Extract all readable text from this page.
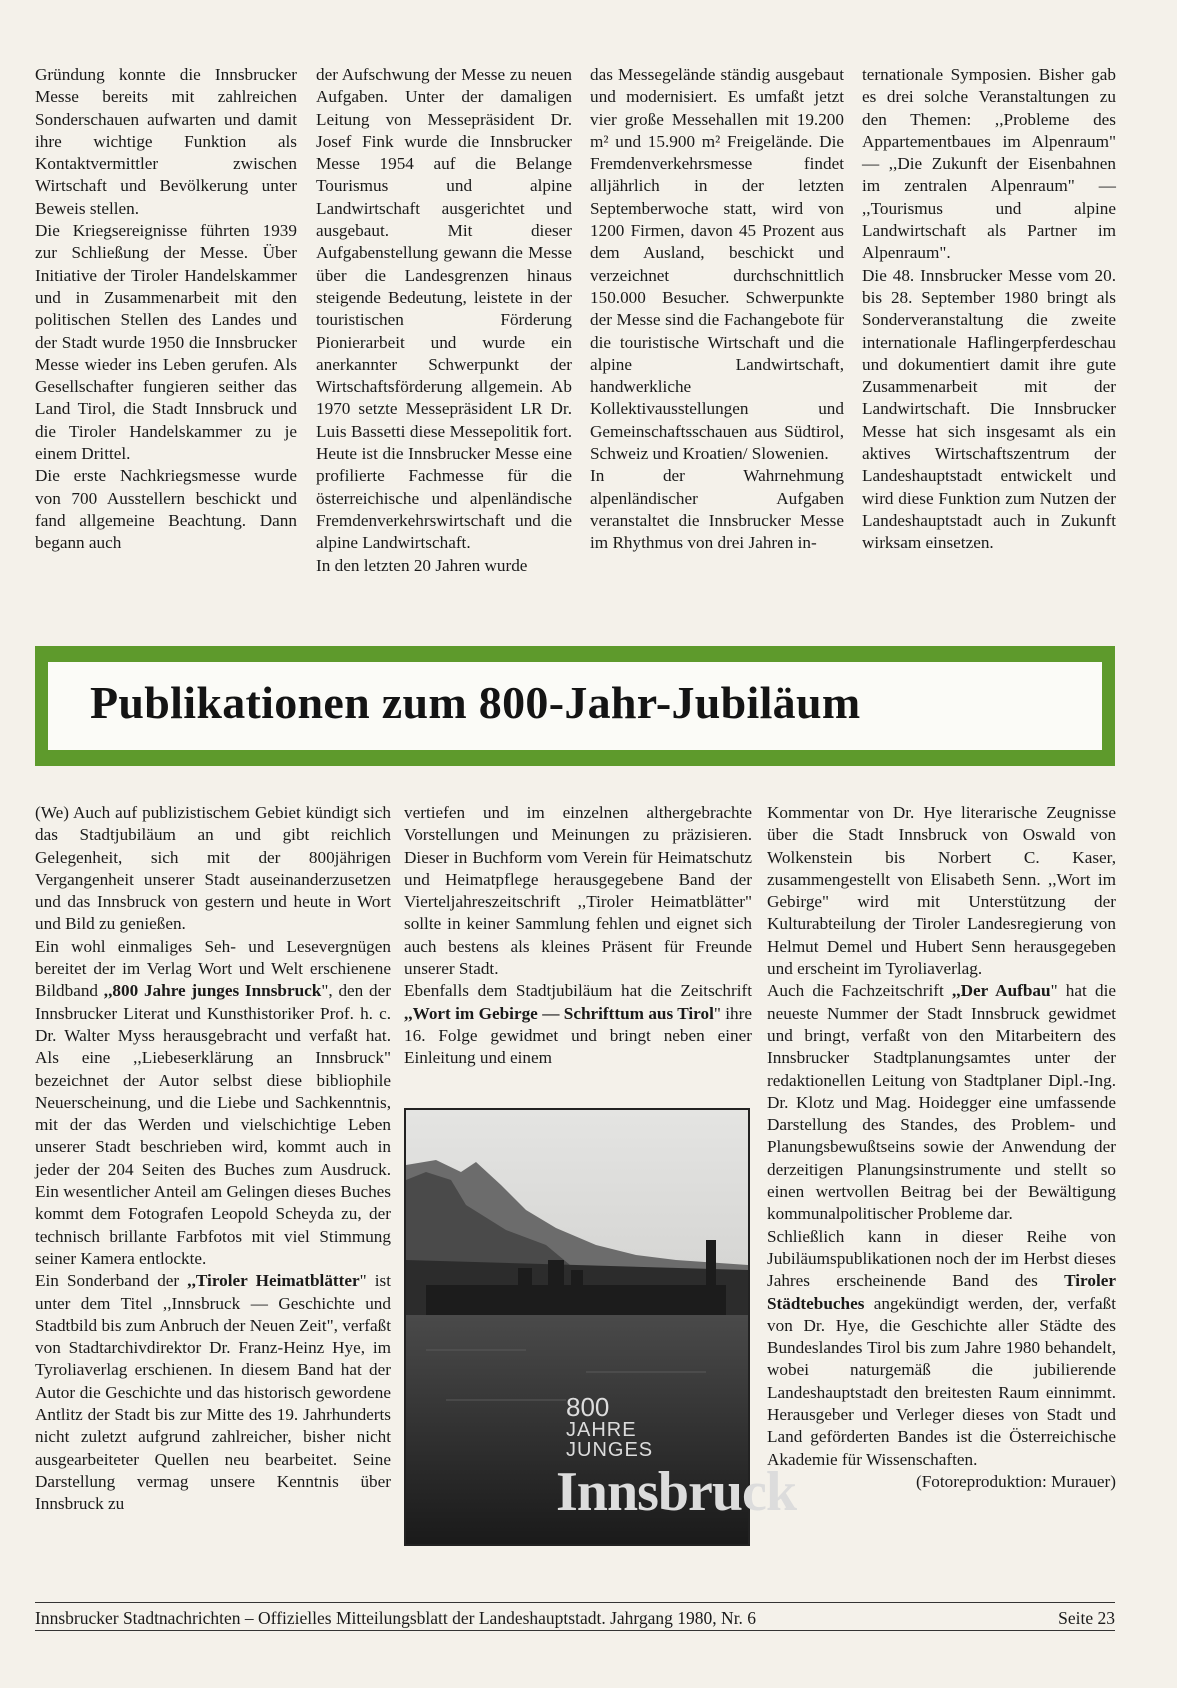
Gründung konnte die Innsbrucker Messe bereits mit zahlreichen Sonderschauen aufwarten und damit ihre wichtige Funktion als Kontaktvermittler zwischen Wirtschaft und Bevölkerung unter Beweis stellen.

Die Kriegsereignisse führten 1939 zur Schließung der Messe. Über Initiative der Tiroler Handelskammer und in Zusammenarbeit mit den politischen Stellen des Landes und der Stadt wurde 1950 die Innsbrucker Messe wieder ins Leben gerufen. Als Gesellschafter fungieren seither das Land Tirol, die Stadt Innsbruck und die Tiroler Handelskammer zu je einem Drittel.

Die erste Nachkriegsmesse wurde von 700 Ausstellern beschickt und fand allgemeine Beachtung. Dann begann auch

der Aufschwung der Messe zu neuen Aufgaben. Unter der damaligen Leitung von Messepräsident Dr. Josef Fink wurde die Innsbrucker Messe 1954 auf die Belange Tourismus und alpine Landwirtschaft ausgerichtet und ausgebaut. Mit dieser Aufgabenstellung gewann die Messe über die Landesgrenzen hinaus steigende Bedeutung, leistete in der touristischen Förderung Pionierarbeit und wurde ein anerkannter Schwerpunkt der Wirtschaftsförderung allgemein. Ab 1970 setzte Messepräsident LR Dr. Luis Bassetti diese Messepolitik fort. Heute ist die Innsbrucker Messe eine profilierte Fachmesse für die österreichische und alpenländische Fremdenverkehrswirtschaft und die alpine Landwirtschaft.

In den letzten 20 Jahren wurde

das Messegelände ständig ausgebaut und modernisiert. Es umfaßt jetzt vier große Messehallen mit 19.200 m² und 15.900 m² Freigelände. Die Fremdenverkehrsmesse findet alljährlich in der letzten Septemberwoche statt, wird von 1200 Firmen, davon 45 Prozent aus dem Ausland, beschickt und verzeichnet durchschnittlich 150.000 Besucher. Schwerpunkte der Messe sind die Fachangebote für die touristische Wirtschaft und die alpine Landwirtschaft, handwerkliche Kollektivausstellungen und Gemeinschaftsschauen aus Südtirol, Schweiz und Kroatien/ Slowenien.

In der Wahrnehmung alpenländischer Aufgaben veranstaltet die Innsbrucker Messe im Rhythmus von drei Jahren in-

ternationale Symposien. Bisher gab es drei solche Veranstaltungen zu den Themen: ,,Probleme des Appartementbaues im Alpenraum" — ,,Die Zukunft der Eisenbahnen im zentralen Alpenraum" — ,,Tourismus und alpine Landwirtschaft als Partner im Alpenraum".

Die 48. Innsbrucker Messe vom 20. bis 28. September 1980 bringt als Sonderveranstaltung die zweite internationale Haflingerpferdeschau und dokumentiert damit ihre gute Zusammenarbeit mit der Landwirtschaft. Die Innsbrucker Messe hat sich insgesamt als ein aktives Wirtschaftszentrum der Landeshauptstadt entwickelt und wird diese Funktion zum Nutzen der Landeshauptstadt auch in Zukunft wirksam einsetzen.

Publikationen zum 800-Jahr-Jubiläum

(We) Auch auf publizistischem Gebiet kündigt sich das Stadtjubiläum an und gibt reichlich Gelegenheit, sich mit der 800jährigen Vergangenheit unserer Stadt auseinanderzusetzen und das Innsbruck von gestern und heute in Wort und Bild zu genießen.

Ein wohl einmaliges Seh- und Lesevergnügen bereitet der im Verlag Wort und Welt erschienene Bildband ,,800 Jahre junges Innsbruck", den der Innsbrucker Literat und Kunsthistoriker Prof. h. c. Dr. Walter Myss herausgebracht und verfaßt hat. Als eine ,,Liebeserklärung an Innsbruck" bezeichnet der Autor selbst diese bibliophile Neuerscheinung, und die Liebe und Sachkenntnis, mit der das Werden und vielschichtige Leben unserer Stadt beschrieben wird, kommt auch in jeder der 204 Seiten des Buches zum Ausdruck. Ein wesentlicher Anteil am Gelingen dieses Buches kommt dem Fotografen Leopold Scheyda zu, der technisch brillante Farbfotos mit viel Stimmung seiner Kamera entlockte.

Ein Sonderband der ,,Tiroler Heimatblätter" ist unter dem Titel ,,Innsbruck — Geschichte und Stadtbild bis zum Anbruch der Neuen Zeit", verfaßt von Stadtarchivdirektor Dr. Franz-Heinz Hye, im Tyroliaverlag erschienen. In diesem Band hat der Autor die Geschichte und das historisch gewordene Antlitz der Stadt bis zur Mitte des 19. Jahrhunderts nicht zuletzt aufgrund zahlreicher, bisher nicht ausgearbeiteter Quellen neu bearbeitet. Seine Darstellung vermag unsere Kenntnis über Innsbruck zu

vertiefen und im einzelnen althergebrachte Vorstellungen und Meinungen zu präzisieren. Dieser in Buchform vom Verein für Heimatschutz und Heimatpflege herausgegebene Band der Vierteljahreszeitschrift ,,Tiroler Heimatblätter" sollte in keiner Sammlung fehlen und eignet sich auch bestens als kleines Präsent für Freunde unserer Stadt.

Ebenfalls dem Stadtjubiläum hat die Zeitschrift ,,Wort im Gebirge — Schrifttum aus Tirol" ihre 16. Folge gewidmet und bringt neben einer Einleitung und einem

800
JAHRE
JUNGES
Innsbruck

Kommentar von Dr. Hye literarische Zeugnisse über die Stadt Innsbruck von Oswald von Wolkenstein bis Norbert C. Kaser, zusammengestellt von Elisabeth Senn. ,,Wort im Gebirge" wird mit Unterstützung der Kulturabteilung der Tiroler Landesregierung von Helmut Demel und Hubert Senn herausgegeben und erscheint im Tyroliaverlag.

Auch die Fachzeitschrift ,,Der Aufbau" hat die neueste Nummer der Stadt Innsbruck gewidmet und bringt, verfaßt von den Mitarbeitern des Innsbrucker Stadtplanungsamtes unter der redaktionellen Leitung von Stadtplaner Dipl.-Ing. Dr. Klotz und Mag. Hoidegger eine umfassende Darstellung des Standes, des Problem- und Planungsbewußtseins sowie der Anwendung der derzeitigen Planungsinstrumente und stellt so einen wertvollen Beitrag bei der Bewältigung kommunalpolitischer Probleme dar.

Schließlich kann in dieser Reihe von Jubiläumspublikationen noch der im Herbst dieses Jahres erscheinende Band des Tiroler Städtebuches angekündigt werden, der, verfaßt von Dr. Hye, die Geschichte aller Städte des Bundeslandes Tirol bis zum Jahre 1980 behandelt, wobei naturgemäß die jubilierende Landeshauptstadt den breitesten Raum einnimmt. Herausgeber und Verleger dieses von Stadt und Land geförderten Bandes ist die Österreichische Akademie für Wissenschaften.

(Fotoreproduktion: Murauer)

Innsbrucker Stadtnachrichten – Offizielles Mitteilungsblatt der Landeshauptstadt. Jahrgang 1980, Nr. 6	Seite 23
